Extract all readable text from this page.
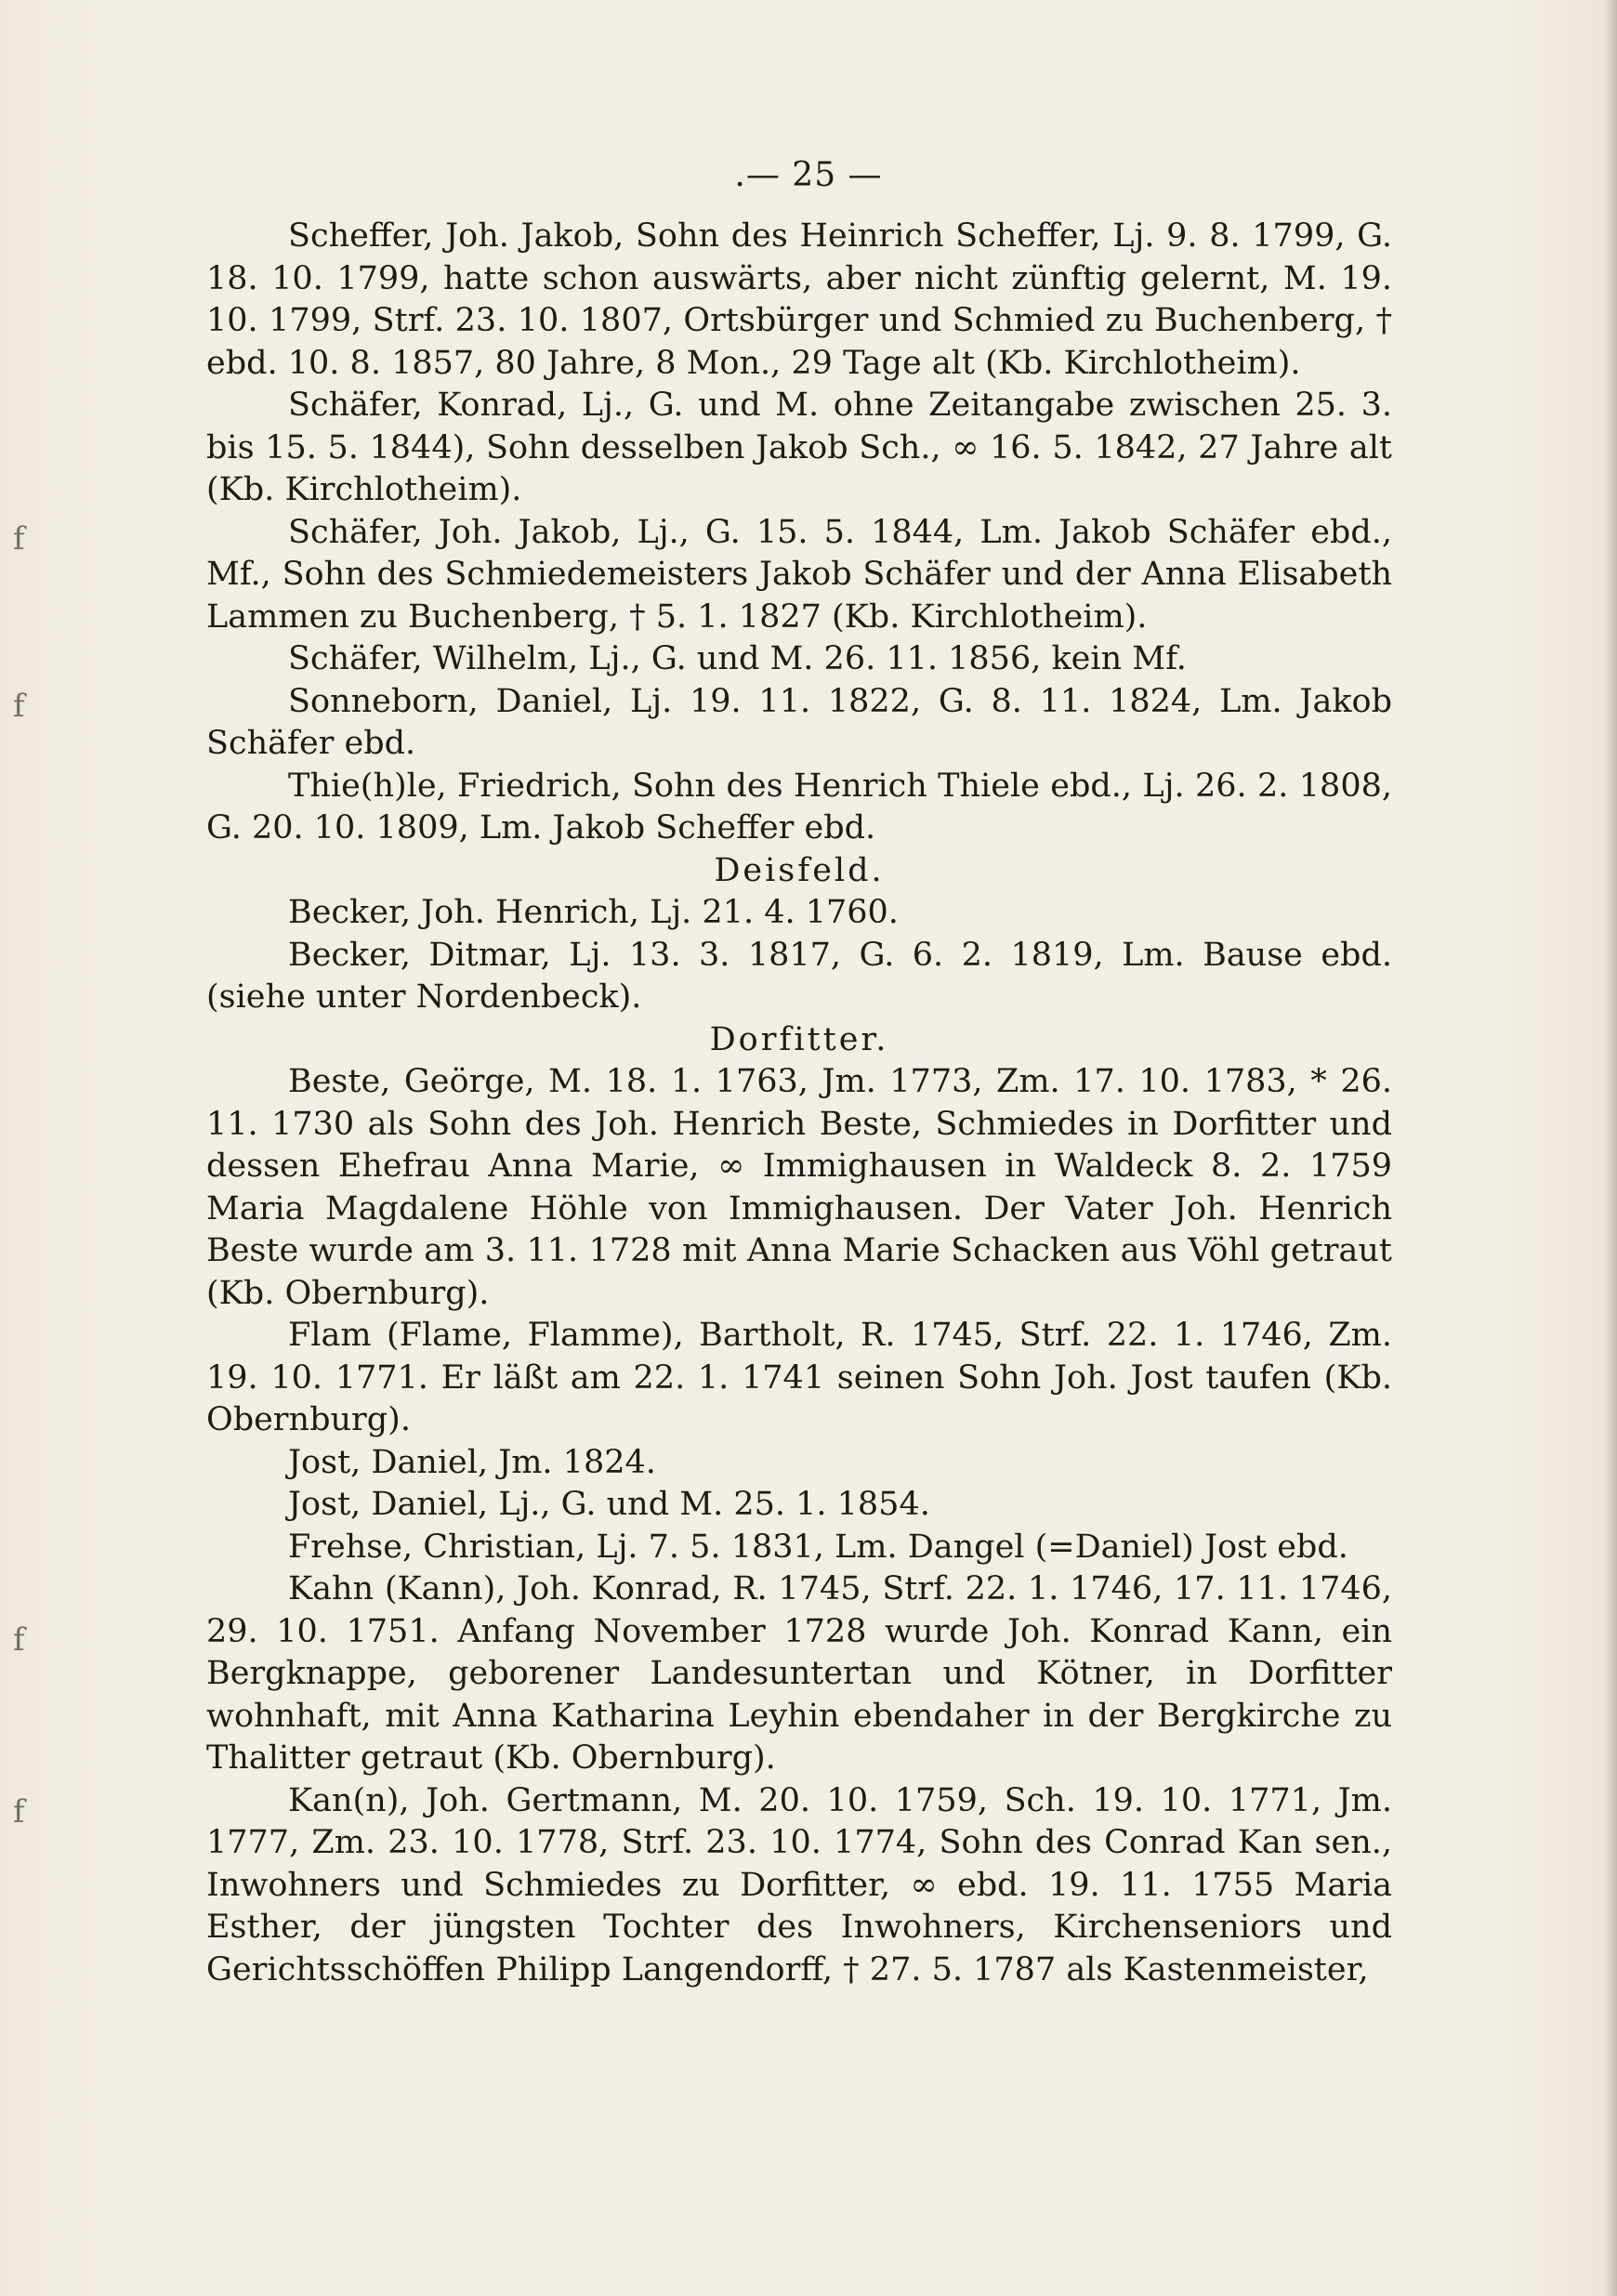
.— 25 —
f
f
f
f

Scheffer, Joh. Jakob, Sohn des Heinrich Scheffer, Lj. 9. 8. 1799, G. 18. 10. 1799, hatte schon auswärts, aber nicht zünftig gelernt, M. 19. 10. 1799, Strf. 23. 10. 1807, Ortsbürger und Schmied zu Buchenberg, † ebd. 10. 8. 1857, 80 Jahre, 8 Mon., 29 Tage alt (Kb. Kirchlotheim).

Schäfer, Konrad, Lj., G. und M. ohne Zeitangabe zwischen 25. 3. bis 15. 5. 1844), Sohn desselben Jakob Sch., ∞ 16. 5. 1842, 27 Jahre alt (Kb. Kirchlotheim).

Schäfer, Joh. Jakob, Lj., G. 15. 5. 1844, Lm. Jakob Schäfer ebd., Mf., Sohn des Schmiedemeisters Jakob Schäfer und der Anna Elisabeth Lammen zu Buchenberg, † 5. 1. 1827 (Kb. Kirchlotheim).

Schäfer, Wilhelm, Lj., G. und M. 26. 11. 1856, kein Mf.

Sonneborn, Daniel, Lj. 19. 11. 1822, G. 8. 11. 1824, Lm. Jakob Schäfer ebd.

Thie(h)le, Friedrich, Sohn des Henrich Thiele ebd., Lj. 26. 2. 1808, G. 20. 10. 1809, Lm. Jakob Scheffer ebd.

Deisfeld.

Becker, Joh. Henrich, Lj. 21. 4. 1760.

Becker, Ditmar, Lj. 13. 3. 1817, G. 6. 2. 1819, Lm. Bause ebd. (siehe unter Nordenbeck).

Dorfitter.

Beste, Geörge, M. 18. 1. 1763, Jm. 1773, Zm. 17. 10. 1783, * 26. 11. 1730 als Sohn des Joh. Henrich Beste, Schmiedes in Dorfitter und dessen Ehefrau Anna Marie, ∞ Immighausen in Waldeck 8. 2. 1759 Maria Magdalene Höhle von Immighausen. Der Vater Joh. Henrich Beste wurde am 3. 11. 1728 mit Anna Marie Schacken aus Vöhl getraut (Kb. Obernburg).

Flam (Flame, Flamme), Bartholt, R. 1745, Strf. 22. 1. 1746, Zm. 19. 10. 1771. Er läßt am 22. 1. 1741 seinen Sohn Joh. Jost taufen (Kb. Obernburg).

Jost, Daniel, Jm. 1824.

Jost, Daniel, Lj., G. und M. 25. 1. 1854.

Frehse, Christian, Lj. 7. 5. 1831, Lm. Dangel (=Daniel) Jost ebd.

Kahn (Kann), Joh. Konrad, R. 1745, Strf. 22. 1. 1746, 17. 11. 1746, 29. 10. 1751. Anfang November 1728 wurde Joh. Konrad Kann, ein Bergknappe, geborener Landesuntertan und Kötner, in Dorfitter wohnhaft, mit Anna Katharina Leyhin ebendaher in der Bergkirche zu Thalitter getraut (Kb. Obernburg).

Kan(n), Joh. Gertmann, M. 20. 10. 1759, Sch. 19. 10. 1771, Jm. 1777, Zm. 23. 10. 1778, Strf. 23. 10. 1774, Sohn des Conrad Kan sen., Inwohners und Schmiedes zu Dorfitter, ∞ ebd. 19. 11. 1755 Maria Esther, der jüngsten Tochter des Inwohners, Kirchenseniors und Gerichtsschöffen Philipp Langendorff, † 27. 5. 1787 als Kastenmeister,
